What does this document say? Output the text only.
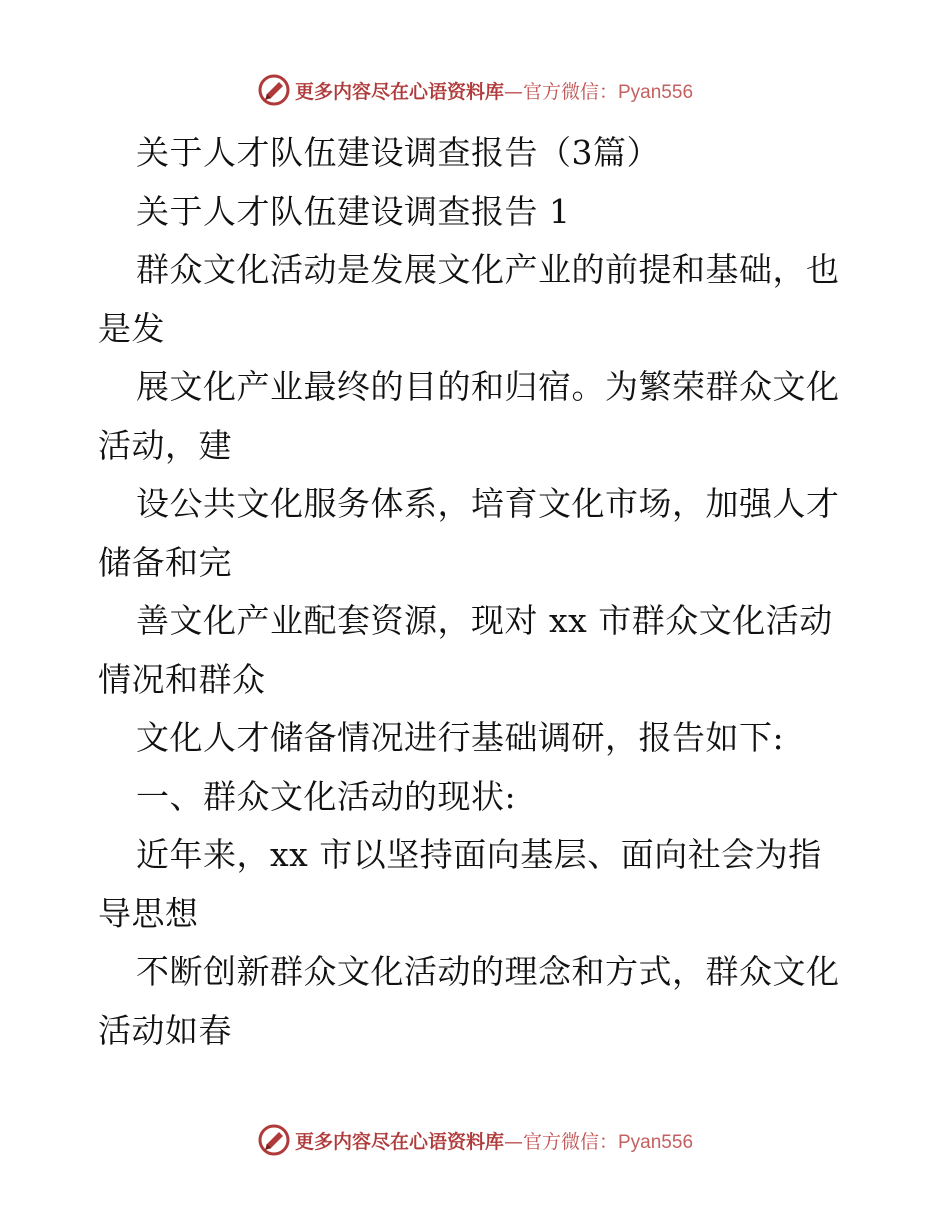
更多内容尽在心语资料库—官方微信：Pyan556
关于人才队伍建设调查报告（3篇）
关于人才队伍建设调查报告 1
群众文化活动是发展文化产业的前提和基础，也
是发
展文化产业最终的目的和归宿。为繁荣群众文化
活动，建
设公共文化服务体系，培育文化市场，加强人才
储备和完
善文化产业配套资源，现对 xx 市群众文化活动
情况和群众
文化人才储备情况进行基础调研，报告如下:
一、群众文化活动的现状:
近年来，xx 市以坚持面向基层、面向社会为指
导思想
不断创新群众文化活动的理念和方式，群众文化
活动如春
更多内容尽在心语资料库—官方微信：Pyan556
